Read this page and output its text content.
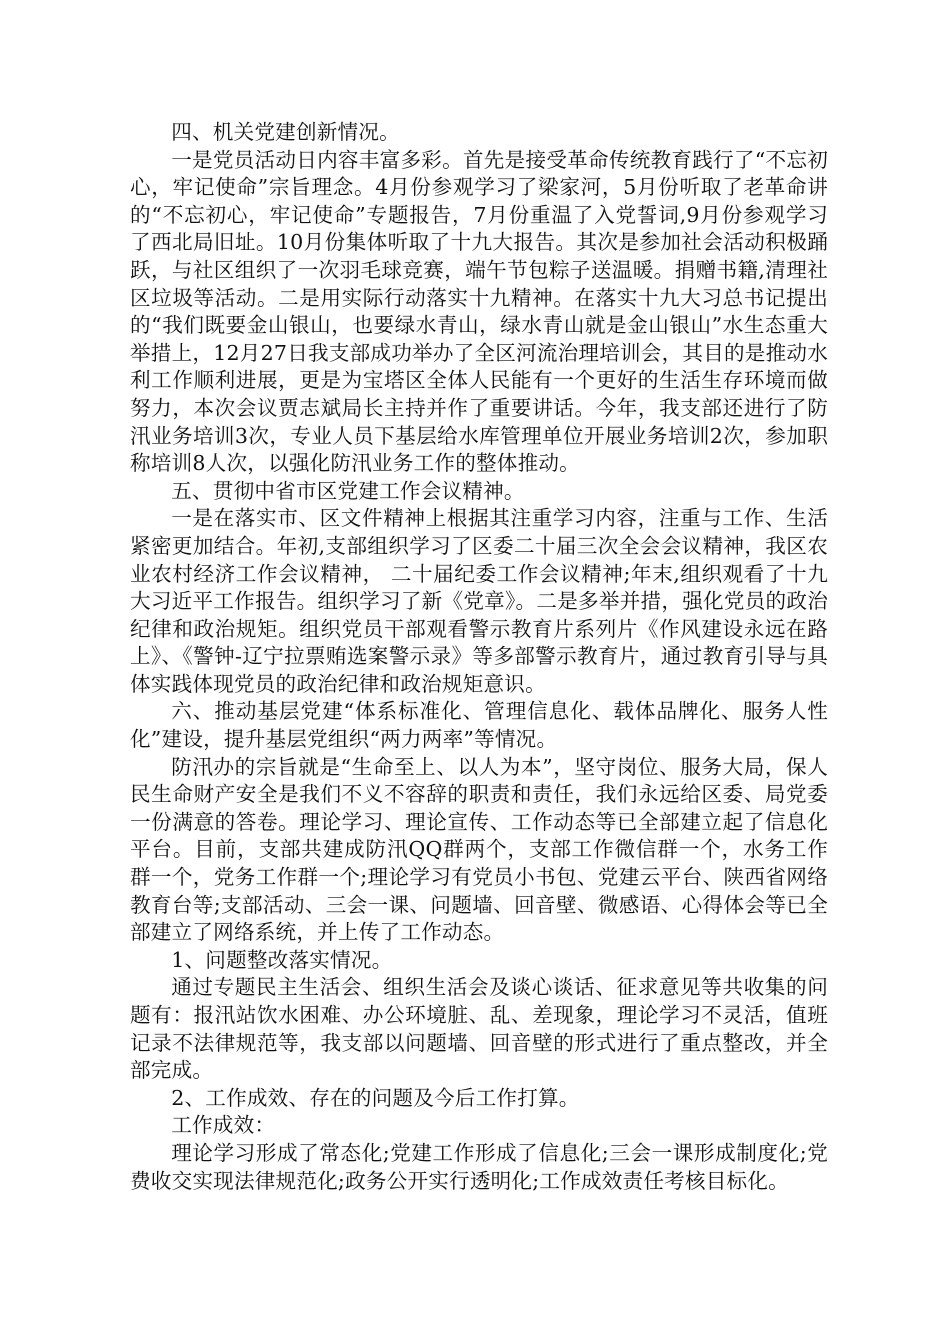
四、机关党建创新情况。

一是党员活动日内容丰富多彩。首先是接受革命传统教育践行了“不忘初心，牢记使命”宗旨理念。4月份参观学习了梁家河，5月份听取了老革命讲的“不忘初心，牢记使命”专题报告，7月份重温了入党誓词,9月份参观学习了西北局旧址。10月份集体听取了十九大报告。其次是参加社会活动积极踊跃，与社区组织了一次羽毛球竞赛，端午节包粽子送温暖。捐赠书籍,清理社区垃圾等活动。二是用实际行动落实十九精神。在落实十九大习总书记提出的“我们既要金山银山，也要绿水青山，绿水青山就是金山银山”水生态重大举措上，12月27日我支部成功举办了全区河流治理培训会，其目的是推动水利工作顺利进展，更是为宝塔区全体人民能有一个更好的生活生存环境而做努力，本次会议贾志斌局长主持并作了重要讲话。今年，我支部还进行了防汛业务培训3次，专业人员下基层给水库管理单位开展业务培训2次，参加职称培训8人次，以强化防汛业务工作的整体推动。

五、贯彻中省市区党建工作会议精神。

一是在落实市、区文件精神上根据其注重学习内容，注重与工作、生活紧密更加结合。年初,支部组织学习了区委二十届三次全会会议精神，我区农业农村经济工作会议精神， 二十届纪委工作会议精神;年末,组织观看了十九大习近平工作报告。组织学习了新《党章》。二是多举并措，强化党员的政治纪律和政治规矩。组织党员干部观看警示教育片系列片《作风建设永远在路上》、《警钟-辽宁拉票贿选案警示录》等多部警示教育片，通过教育引导与具体实践体现党员的政治纪律和政治规矩意识。

六、推动基层党建“体系标准化、管理信息化、载体品牌化、服务人性化”建设，提升基层党组织“两力两率”等情况。

防汛办的宗旨就是“生命至上、以人为本”，坚守岗位、服务大局，保人民生命财产安全是我们不义不容辞的职责和责任，我们永远给区委、局党委一份满意的答卷。理论学习、理论宣传、工作动态等已全部建立起了信息化平台。目前，支部共建成防汛QQ群两个，支部工作微信群一个，水务工作群一个，党务工作群一个;理论学习有党员小书包、党建云平台、陕西省网络教育台等;支部活动、三会一课、问题墙、回音壁、微感语、心得体会等已全部建立了网络系统，并上传了工作动态。

1、问题整改落实情况。

通过专题民主生活会、组织生活会及谈心谈话、征求意见等共收集的问题有：报汛站饮水困难、办公环境脏、乱、差现象，理论学习不灵活，值班记录不法律规范等，我支部以问题墙、回音壁的形式进行了重点整改，并全部完成。

2、工作成效、存在的问题及今后工作打算。

工作成效：

理论学习形成了常态化;党建工作形成了信息化;三会一课形成制度化;党费收交实现法律规范化;政务公开实行透明化;工作成效责任考核目标化。
